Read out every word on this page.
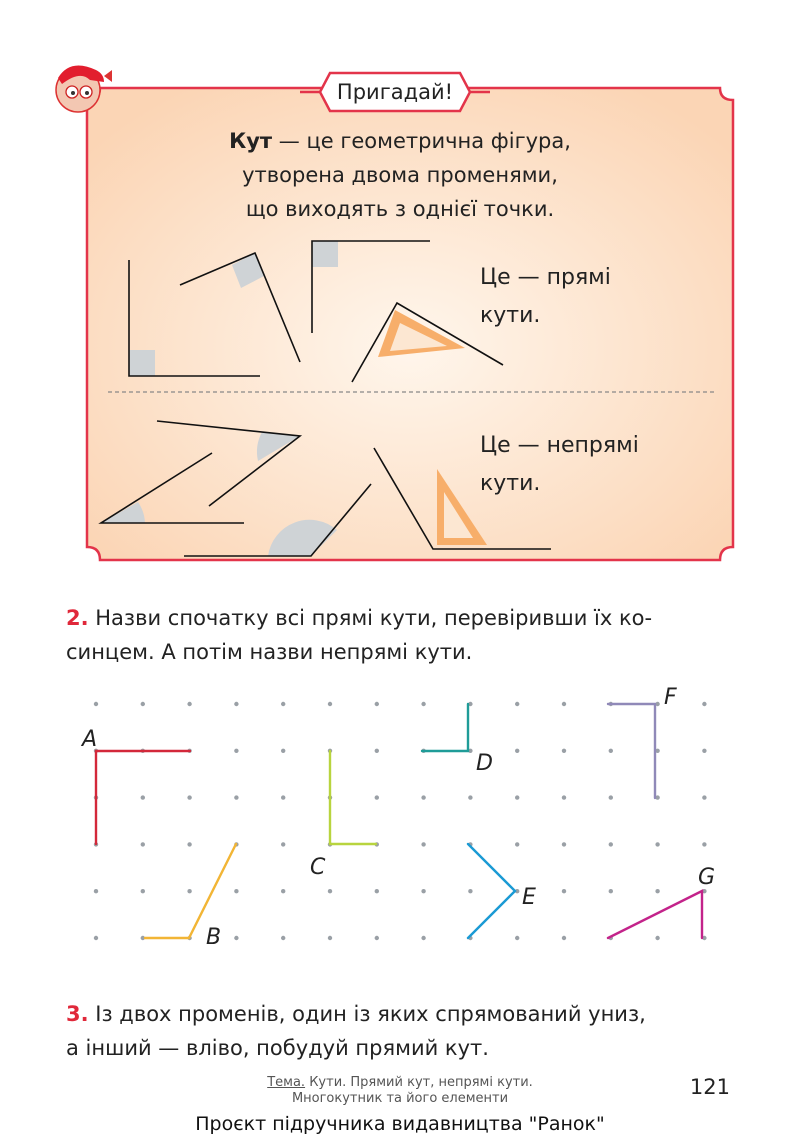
Пригадай!
Кут — це геометрична фігура,
утворена двома променями,
що виходять з однієї точки.
Це — прямі
кути.
Це — непрямі
кути.
2. Назви спочатку всі прямі кути, перевіривши їх ко-
синцем. А потім назви непрямі кути.
A
B
C
D
E
F
G
3. Із двох променів, один із яких спрямований униз,
а інший — вліво, побудуй прямий кут.
Тема. Кути. Прямий кут, непрямі кути.
Многокутник та його елементи	121
Проєкт підручника видавництва "Ранок"
